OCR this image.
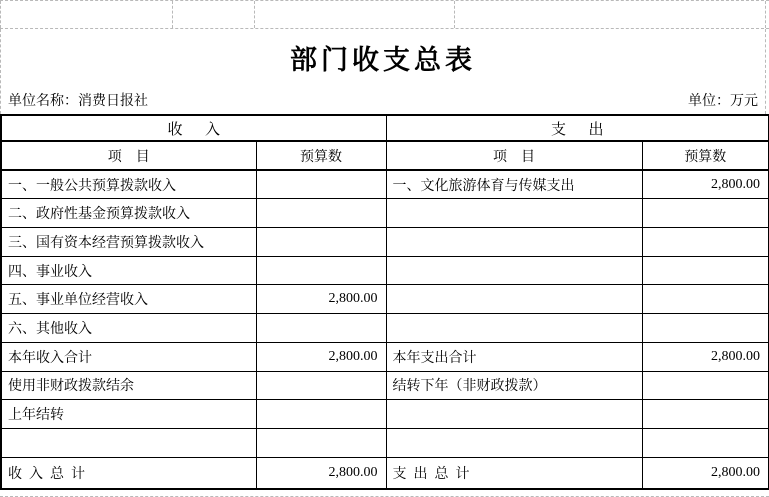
部门收支总表
单位名称：消费日报社	单位：万元
收      入		支      出	
项    目	预算数	项    目	预算数
一、一般公共预算拨款收入		一、文化旅游体育与传媒支出	2,800.00
二、政府性基金预算拨款收入			
三、国有资本经营预算拨款收入			
四、事业收入			
五、事业单位经营收入	2,800.00		
六、其他收入			
本年收入合计	2,800.00	本年支出合计	2,800.00
使用非财政拨款结余		结转下年（非财政拨款）	
上年结转			

收  入  总  计	2,800.00	支  出  总  计	2,800.00
